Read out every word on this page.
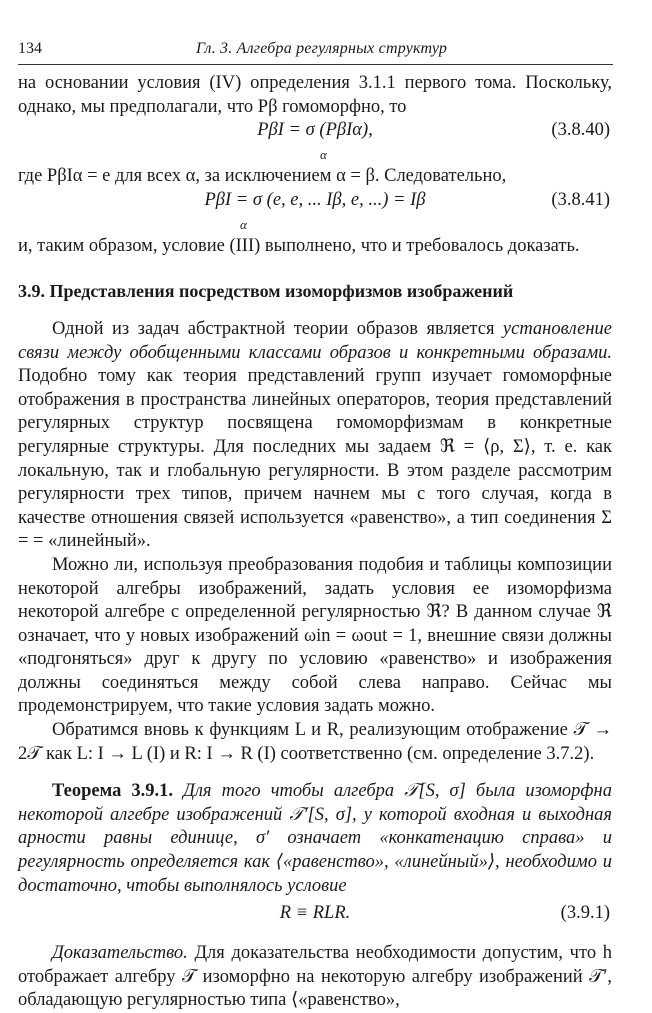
134	Гл. 3. Алгебра регулярных структур

на основании условия (IV) определения 3.1.1 первого тома. Поскольку, однако, мы предполагали, что Pβ гомоморфно, то

PβI = σ (PβIα),
α
(3.8.40)

где PβIα = e для всех α, за исключением α = β. Следовательно,

PβI = σ (e, e, ... Iβ, e, ...) = Iβ
α
(3.8.41)

и, таким образом, условие (III) выполнено, что и требовалось доказать.

3.9. Представления посредством изоморфизмов изображений

Одной из задач абстрактной теории образов является установление связи между обобщенными классами образов и конкретными образами. Подобно тому как теория представлений групп изучает гомоморфные отображения в пространства линейных операторов, теория представлений регулярных структур посвящена гомоморфизмам в конкретные регулярные структуры. Для последних мы задаем ℜ = ⟨ρ, Σ⟩, т. е. как локальную, так и глобальную регулярности. В этом разделе рассмотрим регулярности трех типов, причем начнем мы с того случая, когда в качестве отношения связей используется «равенство», а тип соединения Σ = = «линейный».

Можно ли, используя преобразования подобия и таблицы композиции некоторой алгебры изображений, задать условия ее изоморфизма некоторой алгебре с определенной регулярностью ℜ? В данном случае ℜ означает, что у новых изображений ωin = ωout = 1, внешние связи должны «подгоняться» друг к другу по условию «равенство» и изображения должны соединяться между собой слева направо. Сейчас мы продемонстрируем, что такие условия задать можно.

Обратимся вновь к функциям L и R, реализующим отображение 𝒯 → 2𝒯 как L: I → L (I) и R: I → R (I) соответственно (см. определение 3.7.2).

Теорема 3.9.1. Для того чтобы алгебра 𝒯[S, σ] была изоморфна некоторой алгебре изображений 𝒯′[S, σ], у которой входная и выходная арности равны единице, σ′ означает «конкатенацию справа» и регулярность определяется как ⟨«равенство», «линейный»⟩, необходимо и достаточно, чтобы выполнялось условие

R ≡ RLR.	(3.9.1)

Доказательство. Для доказательства необходимости допустим, что h отображает алгебру 𝒯 изоморфно на некоторую алгебру изображений 𝒯′, обладающую регулярностью типа ⟨«равенство»,
